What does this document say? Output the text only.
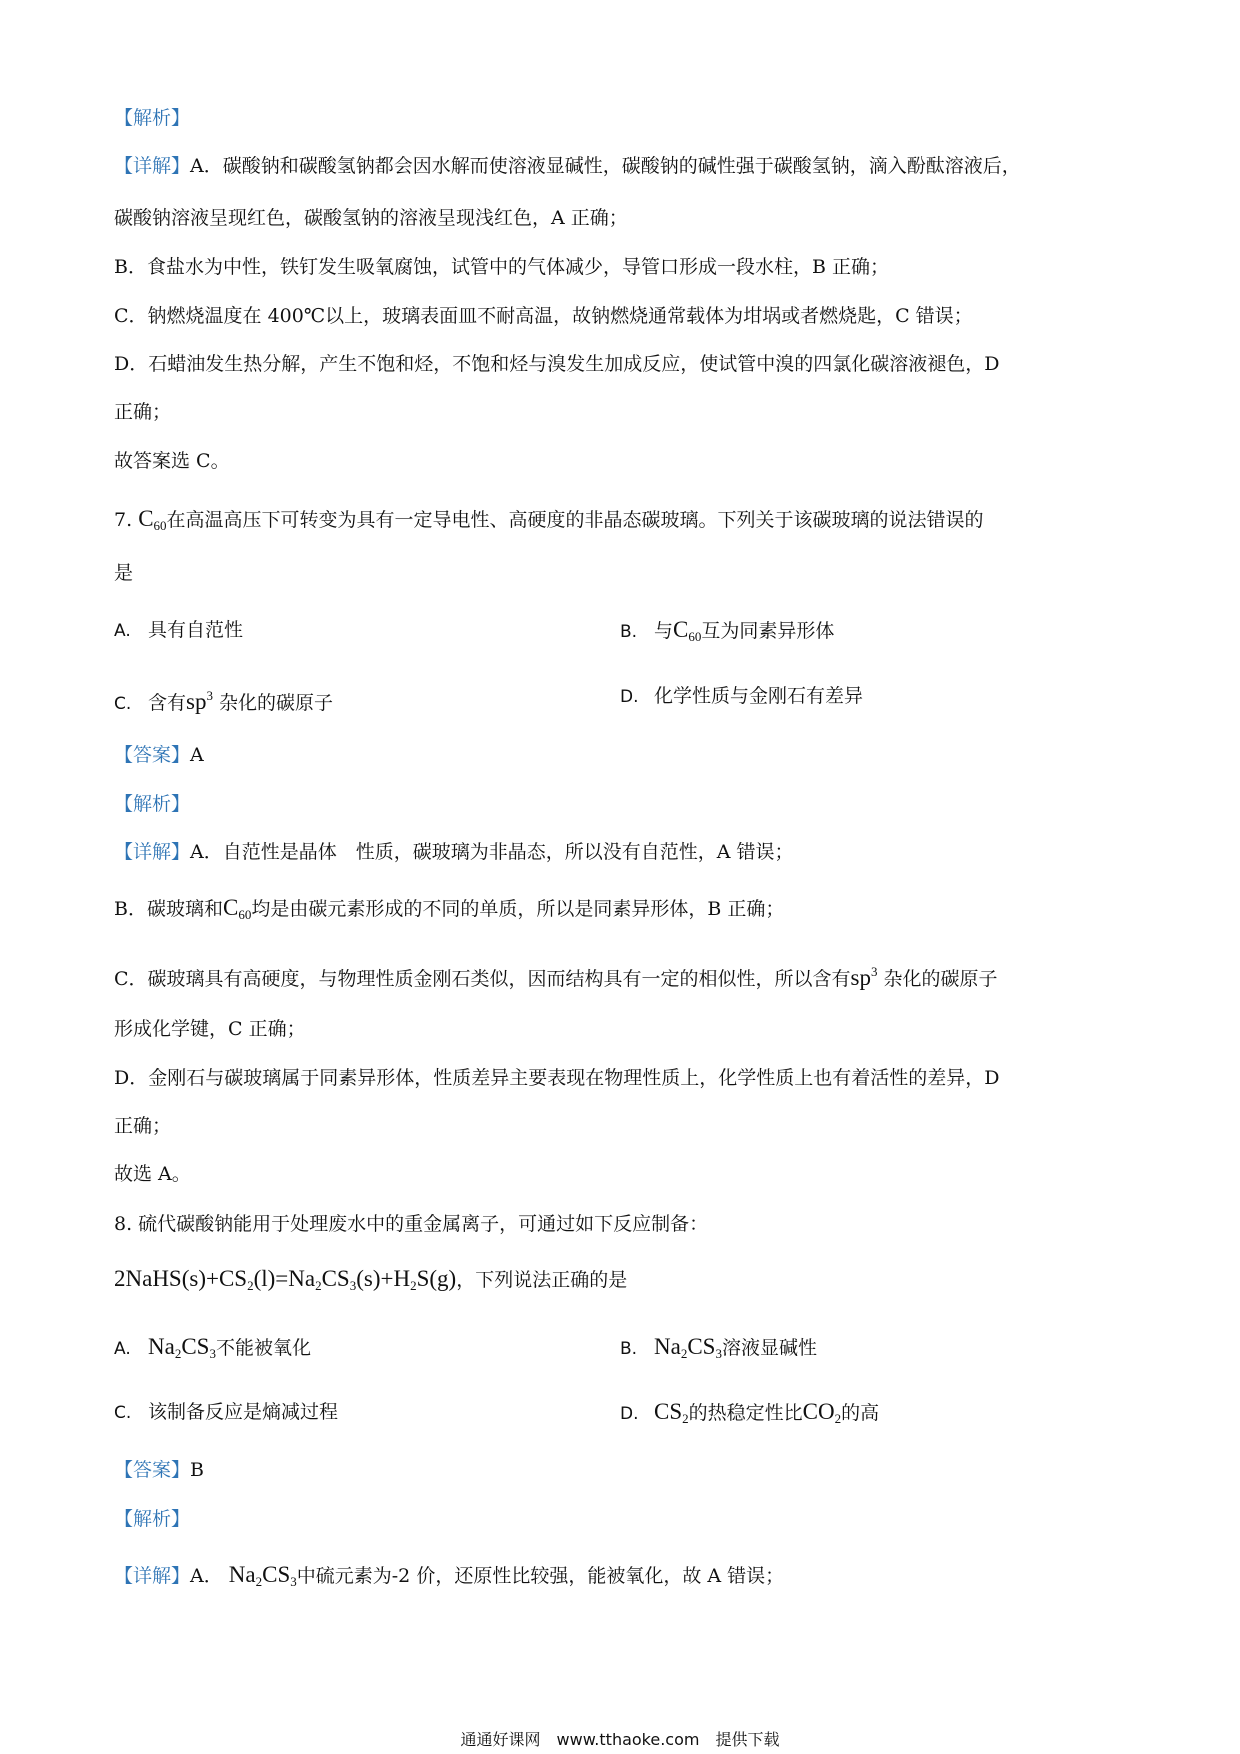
【解析】
【详解】A．碳酸钠和碳酸氢钠都会因水解而使溶液显碱性，碳酸钠的碱性强于碳酸氢钠，滴入酚酞溶液后，
碳酸钠溶液呈现红色，碳酸氢钠的溶液呈现浅红色，A 正确；
B．食盐水为中性，铁钉发生吸氧腐蚀，试管中的气体减少，导管口形成一段水柱，B 正确；
C．钠燃烧温度在 400℃以上，玻璃表面皿不耐高温，故钠燃烧通常载体为坩埚或者燃烧匙，C 错误；
D．石蜡油发生热分解，产生不饱和烃，不饱和烃与溴发生加成反应，使试管中溴的四氯化碳溶液褪色，D
正确；
故答案选 C。
7. $C_{60}$在高温高压下可转变为具有一定导电性、高硬度的非晶态碳玻璃。下列关于该碳玻璃的说法错误的
是
A. 具有自范性	B. 与$C_{60}$互为同素异形体
C. 含有$sp^3$ 杂化的碳原子	D. 化学性质与金刚石有差异
【答案】A
【解析】
【详解】A．自范性是晶体　性质，碳玻璃为非晶态，所以没有自范性，A 错误；
B．碳玻璃和$C_{60}$均是由碳元素形成的不同的单质，所以是同素异形体，B 正确；
C．碳玻璃具有高硬度，与物理性质金刚石类似，因而结构具有一定的相似性，所以含有$sp^3$ 杂化的碳原子
形成化学键，C 正确；
D．金刚石与碳玻璃属于同素异形体，性质差异主要表现在物理性质上，化学性质上也有着活性的差异，D
正确；
故选 A。
8. 硫代碳酸钠能用于处理废水中的重金属离子，可通过如下反应制备：
$2NaHS(s)+CS_2(l)=Na_2CS_3(s)+H_2S(g)$，下列说法正确的是
A. $Na_2CS_3$不能被氧化	B. $Na_2CS_3$溶液显碱性
C. 该制备反应是熵减过程	D. $CS_2$的热稳定性比$CO_2$的高
【答案】B
【解析】
【详解】A． $Na_2CS_3$中硫元素为-2 价，还原性比较强，能被氧化，故 A 错误；
通通好课网　www.tthaoke.com　提供下载
